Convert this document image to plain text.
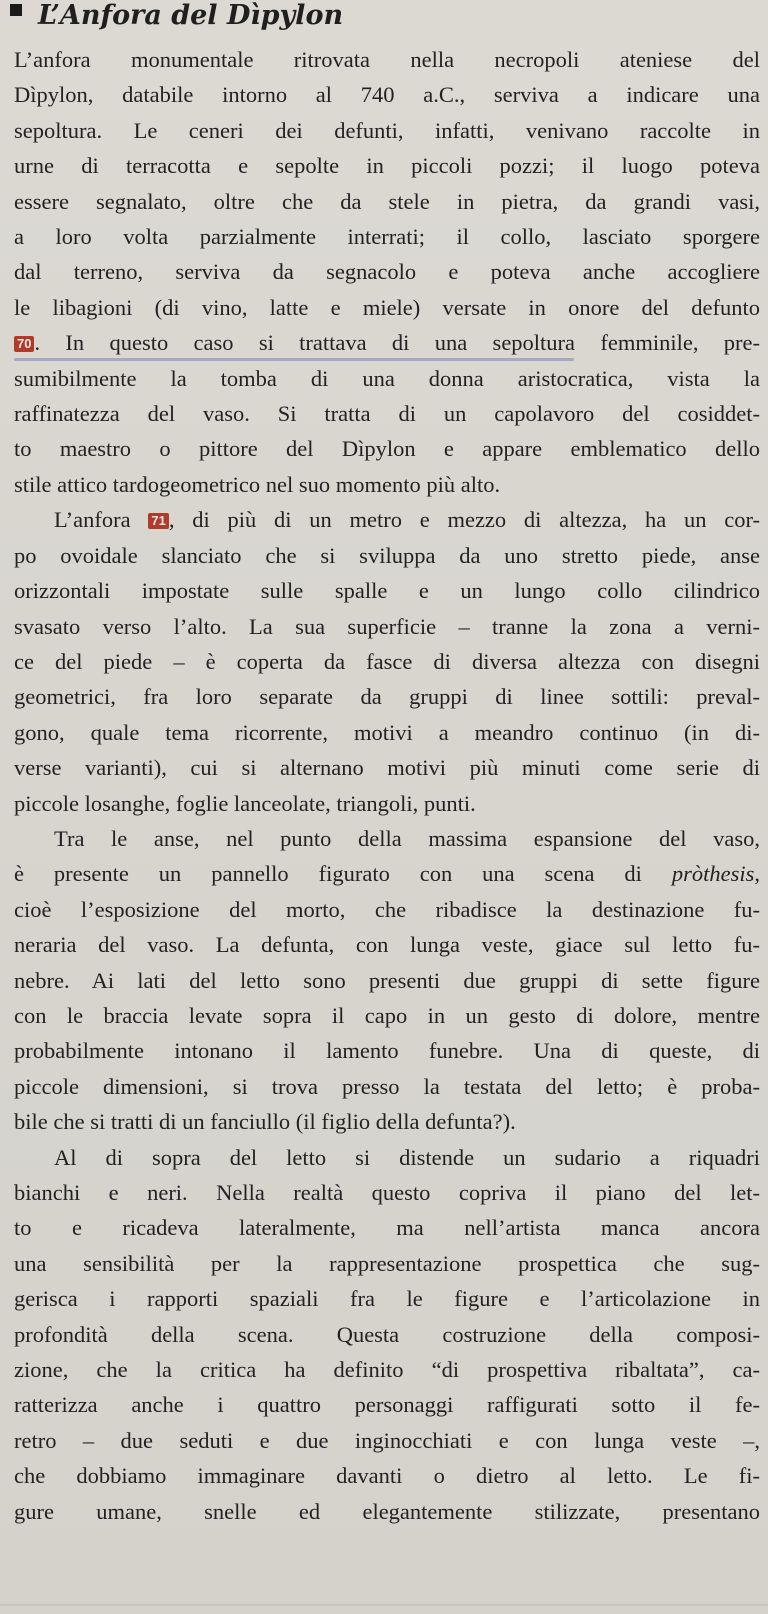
L’Anfora del Dìpylon
L’anfora monumentale ritrovata nella necropoli ateniese del
Dìpylon, databile intorno al 740 a.C., serviva a indicare una
sepoltura. Le ceneri dei defunti, infatti, venivano raccolte in
urne di terracotta e sepolte in piccoli pozzi; il luogo poteva
essere segnalato, oltre che da stele in pietra, da grandi vasi,
a loro volta parzialmente interrati; il collo, lasciato sporgere
dal terreno, serviva da segnacolo e poteva anche accogliere
le libagioni (di vino, latte e miele) versate in onore del defunto
70 . In questo caso si trattava di una sepoltura femminile, pre-
sumibilmente la tomba di una donna aristocratica, vista la
raffinatezza del vaso. Si tratta di un capolavoro del cosiddet-
to maestro o pittore del Dìpylon e appare emblematico dello
stile attico tardogeometrico nel suo momento più alto.
L’anfora 71 , di più di un metro e mezzo di altezza, ha un cor-
po ovoidale slanciato che si sviluppa da uno stretto piede, anse
orizzontali impostate sulle spalle e un lungo collo cilindrico
svasato verso l’alto. La sua superficie – tranne la zona a verni-
ce del piede – è coperta da fasce di diversa altezza con disegni
geometrici, fra loro separate da gruppi di linee sottili: preval-
gono, quale tema ricorrente, motivi a meandro continuo (in di-
verse varianti), cui si alternano motivi più minuti come serie di
piccole losanghe, foglie lanceolate, triangoli, punti.
Tra le anse, nel punto della massima espansione del vaso,
è presente un pannello figurato con una scena di pròthesis,
cioè l’esposizione del morto, che ribadisce la destinazione fu-
neraria del vaso. La defunta, con lunga veste, giace sul letto fu-
nebre. Ai lati del letto sono presenti due gruppi di sette figure
con le braccia levate sopra il capo in un gesto di dolore, mentre
probabilmente intonano il lamento funebre. Una di queste, di
piccole dimensioni, si trova presso la testata del letto; è proba-
bile che si tratti di un fanciullo (il figlio della defunta?).
Al di sopra del letto si distende un sudario a riquadri
bianchi e neri. Nella realtà questo copriva il piano del let-
to e ricadeva lateralmente, ma nell’artista manca ancora
una sensibilità per la rappresentazione prospettica che sug-
gerisca i rapporti spaziali fra le figure e l’articolazione in
profondità della scena. Questa costruzione della composi-
zione, che la critica ha definito “di prospettiva ribaltata”, ca-
ratterizza anche i quattro personaggi raffigurati sotto il fe-
retro – due seduti e due inginocchiati e con lunga veste –,
che dobbiamo immaginare davanti o dietro al letto. Le fi-
gure umane, snelle ed elegantemente stilizzate, presentano
